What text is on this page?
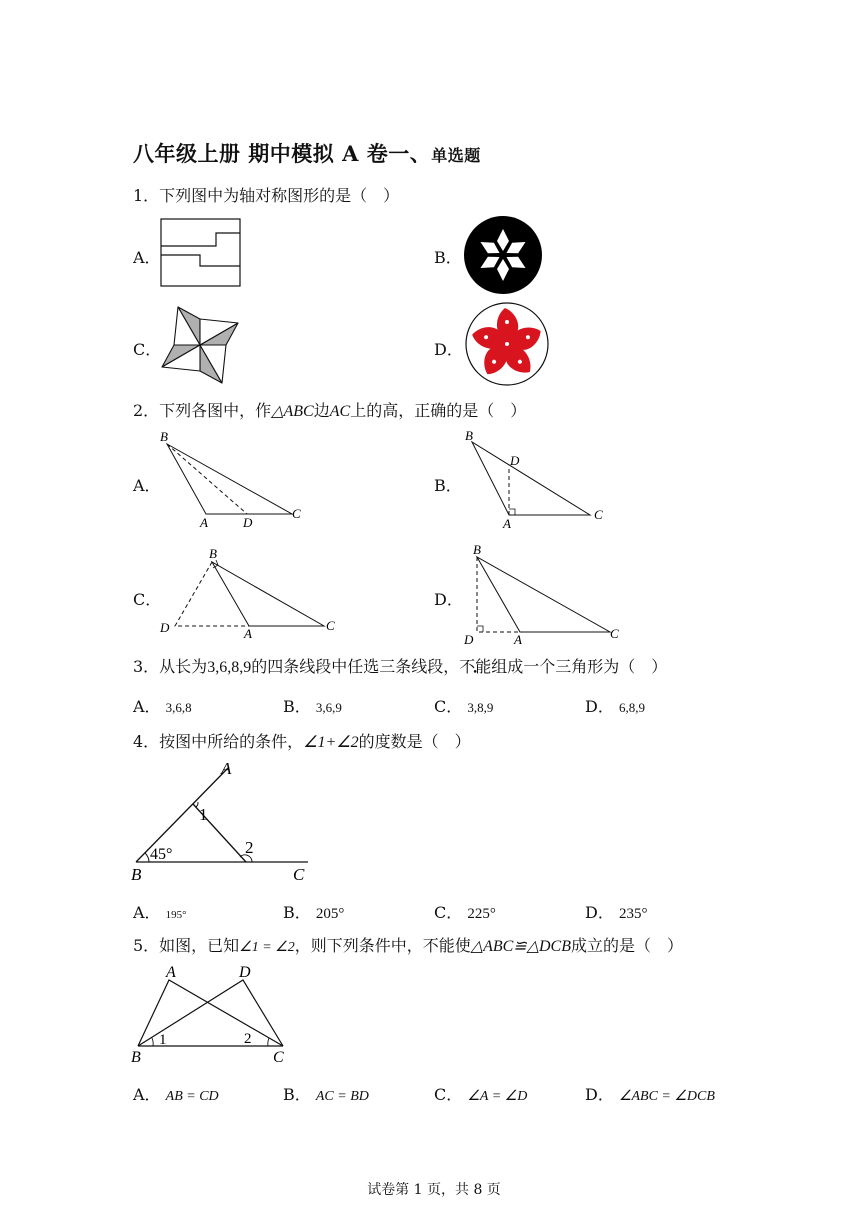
八年级上册 期中模拟 A 卷一、单选题
1．下列图中为轴对称图形的是（　）
A．	B．
C．	D．
2．下列各图中，作△ABC边AC上的高，正确的是（　）
A．
B
A	D
C
B．
B
D
A
C
C．
B
D	A
C
D．
B
D	A	C
3．从长为3,6,8,9的四条线段中任选三条线段，不能组成一个三角形为（　）
A． 3,6,8	B． 3,6,9	C． 3,8,9	D． 6,8,9
4．按图中所给的条件，∠1+∠2的度数是（　）
A
1
45°	2
B	C
A． 195°	B． 205°	C． 225°	D． 235°
5．如图，已知∠1 = ∠2，则下列条件中，不能使△ABC≌△DCB成立的是（　）
A	D
1	2
B	C
A． AB = CD	B． AC = BD	C． ∠A = ∠D	D． ∠ABC = ∠DCB
试卷第 1 页，共 8 页
